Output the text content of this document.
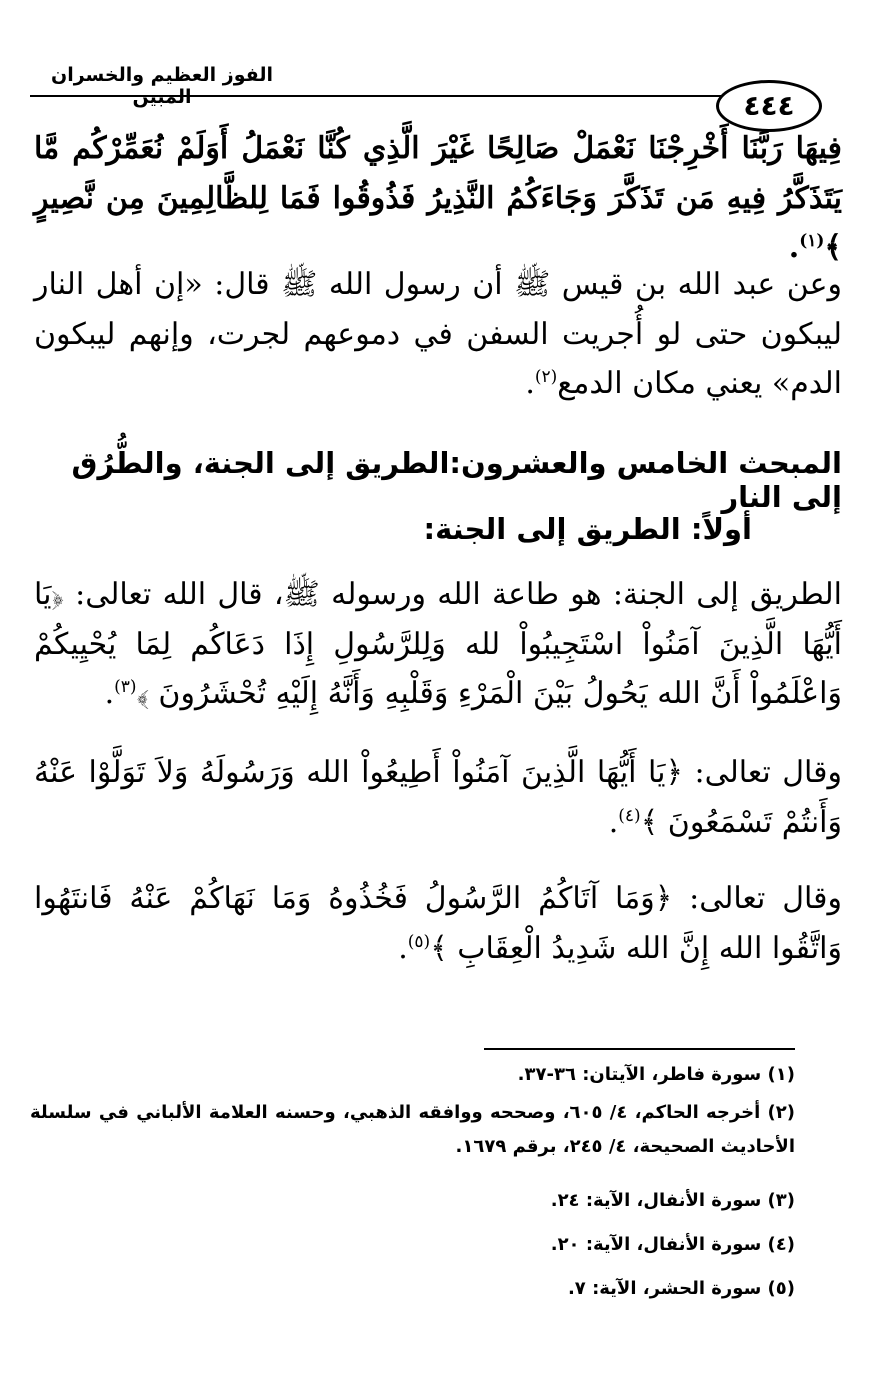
الفوز العظيم والخسران المبين	٤٤٤
فِيهَا رَبَّنَا أَخْرِجْنَا نَعْمَلْ صَالِحًا غَيْرَ الَّذِي كُنَّا نَعْمَلُ أَوَلَمْ نُعَمِّرْكُم مَّا يَتَذَكَّرُ فِيهِ مَن تَذَكَّرَ وَجَاءَكُمُ النَّذِيرُ فَذُوقُوا فَمَا لِلظَّالِمِينَ مِن نَّصِيرٍ ﴾$^{(١)}$.
وعن عبد الله بن قيس ﷺ أن رسول الله ﷺ قال: «إن أهل النار ليبكون حتى لو أُجريت السفن في دموعهم لجرت، وإنهم ليبكون الدم» يعني مكان الدمع$^{(٢)}$.
المبحث الخامس والعشرون:الطريق إلى الجنة، والطُّرُق إلى النار
أولاً: الطريق إلى الجنة:
الطريق إلى الجنة: هو طاعة الله ورسوله ﷺ، قال الله تعالى: ﴿يَا أَيُّهَا الَّذِينَ آمَنُواْ اسْتَجِيبُواْ لله وَلِلرَّسُولِ إِذَا دَعَاكُم لِمَا يُحْيِيكُمْ وَاعْلَمُواْ أَنَّ الله يَحُولُ بَيْنَ الْمَرْءِ وَقَلْبِهِ وَأَنَّهُ إِلَيْهِ تُحْشَرُونَ ﴾$^{(٣)}$.
وقال تعالى: ﴿يَا أَيُّهَا الَّذِينَ آمَنُواْ أَطِيعُواْ الله وَرَسُولَهُ وَلاَ تَوَلَّوْا عَنْهُ وَأَنتُمْ تَسْمَعُونَ ﴾$^{(٤)}$.
وقال تعالى: ﴿وَمَا آتَاكُمُ الرَّسُولُ فَخُذُوهُ وَمَا نَهَاكُمْ عَنْهُ فَانتَهُوا وَاتَّقُوا الله إِنَّ الله شَدِيدُ الْعِقَابِ ﴾$^{(٥)}$.
(١) سورة فاطر، الآيتان: ٣٦-٣٧.
(٢) أخرجه الحاكم، ٤/ ٦٠٥، وصححه ووافقه الذهبي، وحسنه العلامة الألباني في سلسلة الأحاديث الصحيحة، ٤/ ٢٤٥، برقم ١٦٧٩.
(٣) سورة الأنفال، الآية: ٢٤.
(٤) سورة الأنفال، الآية: ٢٠.
(٥) سورة الحشر، الآية: ٧.
